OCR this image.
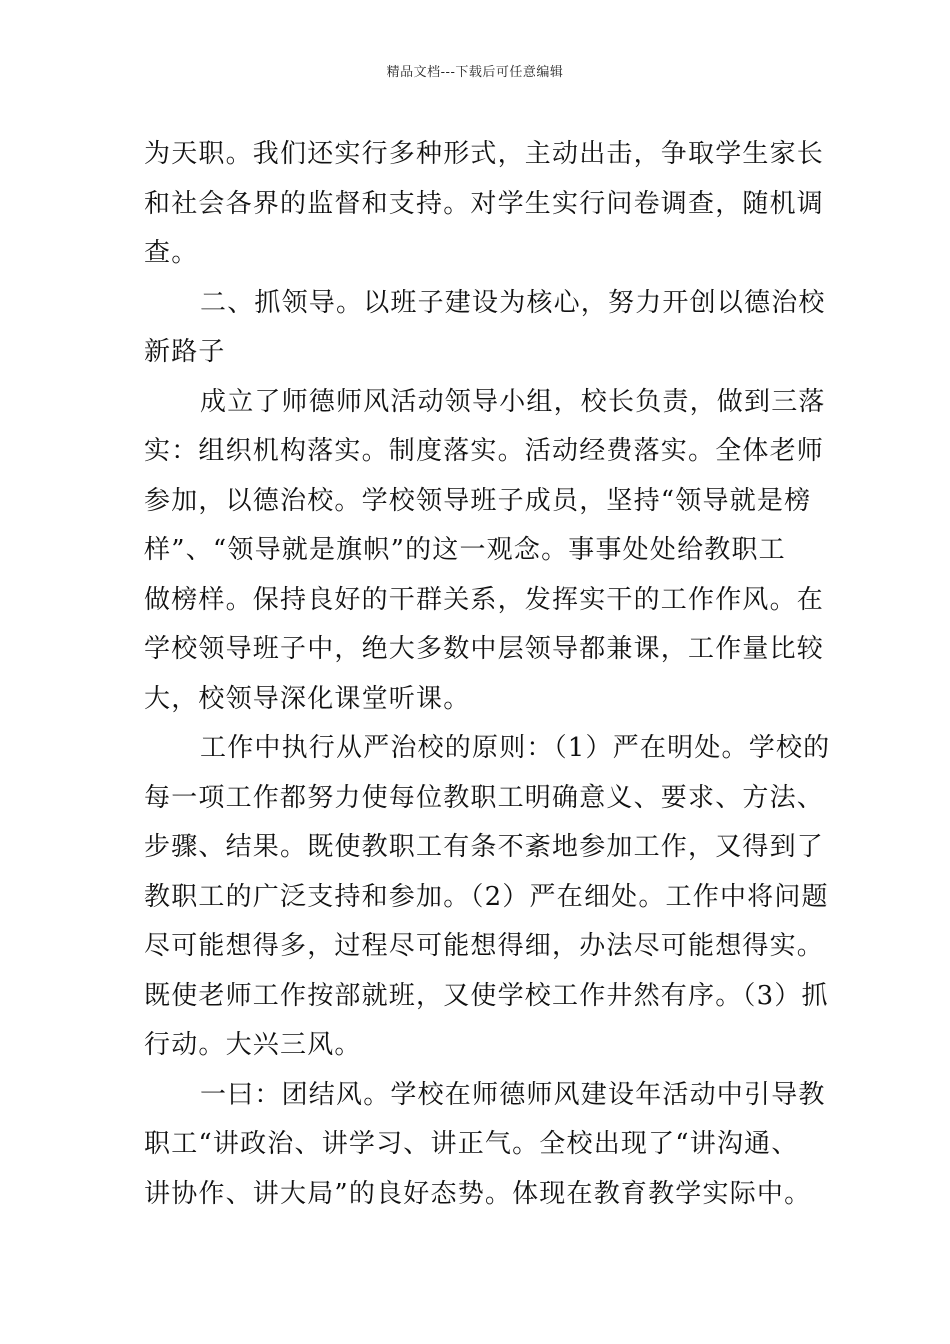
精品文档---下载后可任意编辑
为天职。我们还实行多种形式，主动出击，争取学生家长
和社会各界的监督和支持。对学生实行问卷调查，随机调
查。
二、抓领导。以班子建设为核心，努力开创以德治校
新路子
成立了师德师风活动领导小组，校长负责，做到三落
实：组织机构落实。制度落实。活动经费落实。全体老师
参加，以德治校。学校领导班子成员，坚持“领导就是榜
样”、“领导就是旗帜”的这一观念。事事处处给教职工
做榜样。保持良好的干群关系，发挥实干的工作作风。在
学校领导班子中，绝大多数中层领导都兼课，工作量比较
大，校领导深化课堂听课。
工作中执行从严治校的原则：（1）严在明处。学校的
每一项工作都努力使每位教职工明确意义、要求、方法、
步骤、结果。既使教职工有条不紊地参加工作，又得到了
教职工的广泛支持和参加。（2）严在细处。工作中将问题
尽可能想得多，过程尽可能想得细，办法尽可能想得实。
既使老师工作按部就班，又使学校工作井然有序。（3）抓
行动。大兴三风。
一曰：团结风。学校在师德师风建设年活动中引导教
职工“讲政治、讲学习、讲正气。全校出现了“讲沟通、
讲协作、讲大局”的良好态势。体现在教育教学实际中。
